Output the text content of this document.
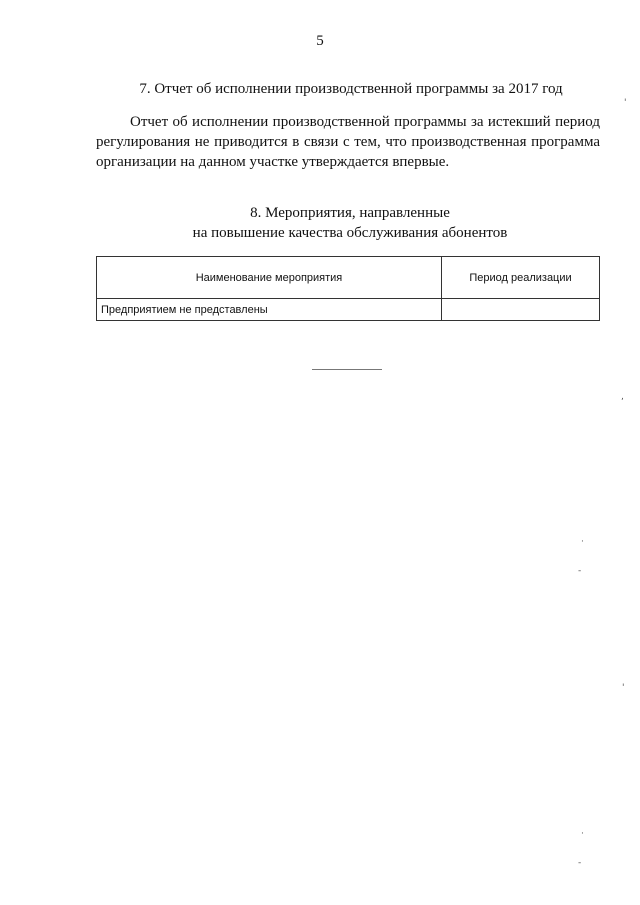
5
7. Отчет об исполнении производственной программы за 2017 год

Отчет об исполнении производственной программы за истекший период регулирования не приводится в связи с тем, что производственная программа организации на данном участке утверждается впервые.

8. Мероприятия, направленные
на повышение качества обслуживания абонентов
Наименование мероприятия	Период реализации
Предприятием не представлены	
'
,
·
-
'
·
-
